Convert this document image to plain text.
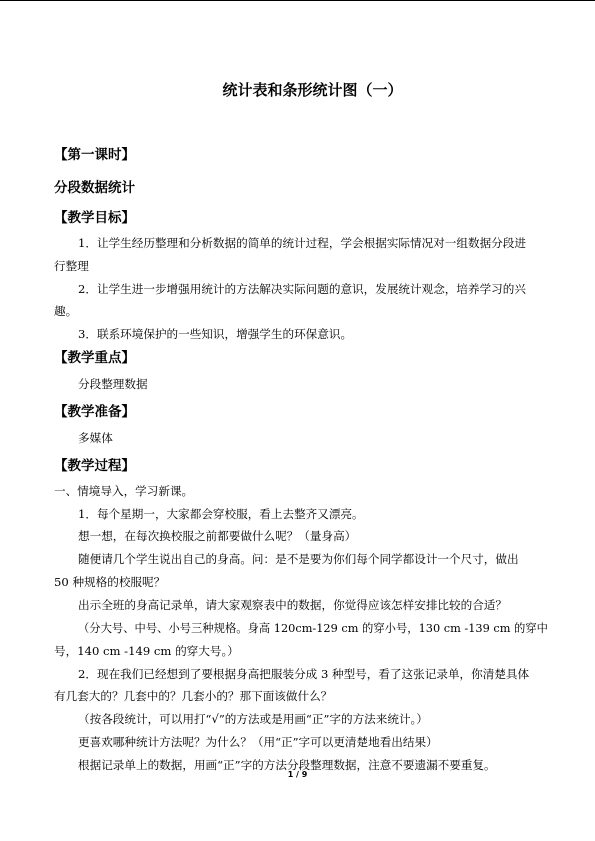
统计表和条形统计图（一）
【第一课时】
分段数据统计
【教学目标】
1．让学生经历整理和分析数据的简单的统计过程，学会根据实际情况对一组数据分段进
行整理
2．让学生进一步增强用统计的方法解决实际问题的意识，发展统计观念，培养学习的兴
趣。
3．联系环境保护的一些知识，增强学生的环保意识。
【教学重点】
分段整理数据
【教学准备】
多媒体
【教学过程】
一、情境导入，学习新课。
1．每个星期一，大家都会穿校服，看上去整齐又漂亮。
想一想，在每次换校服之前都要做什么呢？（量身高）
随便请几个学生说出自己的身高。问：是不是要为你们每个同学都设计一个尺寸，做出
50 种规格的校服呢？
出示全班的身高记录单，请大家观察表中的数据，你觉得应该怎样安排比较的合适？
（分大号、中号、小号三种规格。身高 120cm-129 cm 的穿小号，130 cm -139 cm 的穿中
号，140 cm -149 cm 的穿大号。）
2．现在我们已经想到了要根据身高把服装分成 3 种型号，看了这张记录单，你清楚具体
有几套大的？几套中的？几套小的？那下面该做什么？
（按各段统计，可以用打“√”的方法或是用画“正”字的方法来统计。）
更喜欢哪种统计方法呢？为什么？（用“正”字可以更清楚地看出结果）
根据记录单上的数据，用画“正”字的方法分段整理数据，注意不要遗漏不要重复。
1 / 9
